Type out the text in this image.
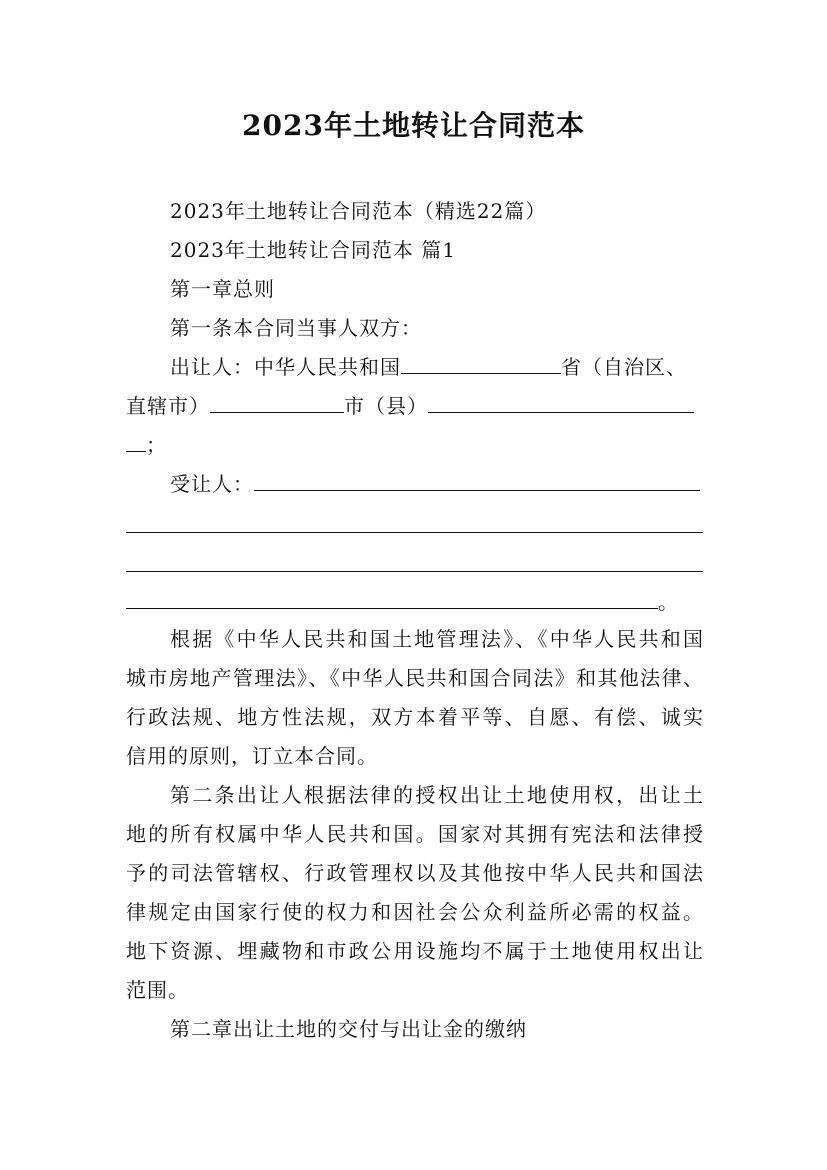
2023年土地转让合同范本
2023年土地转让合同范本（精选22篇）
2023年土地转让合同范本 篇1
第一章总则
第一条本合同当事人双方：
出让人：中华人民共和国	省（自治区、
直辖市）	市（县）
；
受让人：
。
根据《中华人民共和国土地管理法》、《中华人民共和国
城市房地产管理法》、《中华人民共和国合同法》和其他法律、
行政法规、地方性法规，双方本着平等、自愿、有偿、诚实
信用的原则，订立本合同。
第二条出让人根据法律的授权出让土地使用权，出让土
地的所有权属中华人民共和国。国家对其拥有宪法和法律授
予的司法管辖权、行政管理权以及其他按中华人民共和国法
律规定由国家行使的权力和因社会公众利益所必需的权益。
地下资源、埋藏物和市政公用设施均不属于土地使用权出让
范围。
第二章出让土地的交付与出让金的缴纳
